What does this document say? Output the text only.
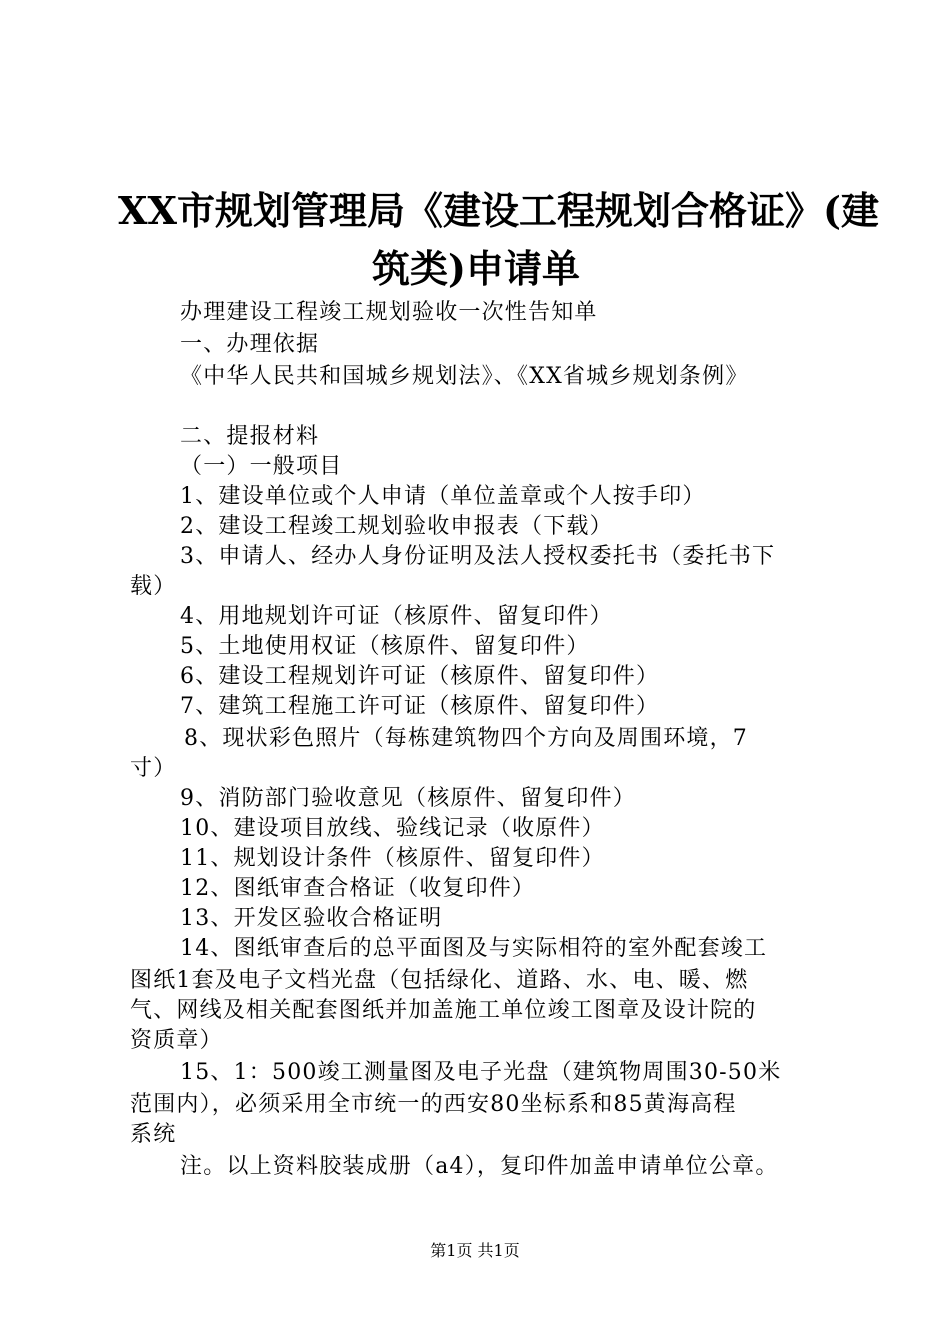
XX市规划管理局《建设工程规划合格证》(建
筑类)申请单
办理建设工程竣工规划验收一次性告知单
一、办理依据
《中华人民共和国城乡规划法》、《XX省城乡规划条例》
二、提报材料
（一）一般项目
1、建设单位或个人申请（单位盖章或个人按手印）
2、建设工程竣工规划验收申报表（下载）
3、申请人、经办人身份证明及法人授权委托书（委托书下
载）
4、用地规划许可证（核原件、留复印件）
5、土地使用权证（核原件、留复印件）
6、建设工程规划许可证（核原件、留复印件）
7、建筑工程施工许可证（核原件、留复印件）
8、现状彩色照片（每栋建筑物四个方向及周围环境，7
寸）
9、消防部门验收意见（核原件、留复印件）
10、建设项目放线、验线记录（收原件）
11、规划设计条件（核原件、留复印件）
12、图纸审查合格证（收复印件）
13、开发区验收合格证明
14、图纸审查后的总平面图及与实际相符的室外配套竣工
图纸1套及电子文档光盘（包括绿化、道路、水、电、暖、燃
气、网线及相关配套图纸并加盖施工单位竣工图章及设计院的
资质章）
15、1：500竣工测量图及电子光盘（建筑物周围30-50米
范围内），必须采用全市统一的西安80坐标系和85黄海高程
系统
注。以上资料胶装成册（a4），复印件加盖申请单位公章。
第1页 共1页
